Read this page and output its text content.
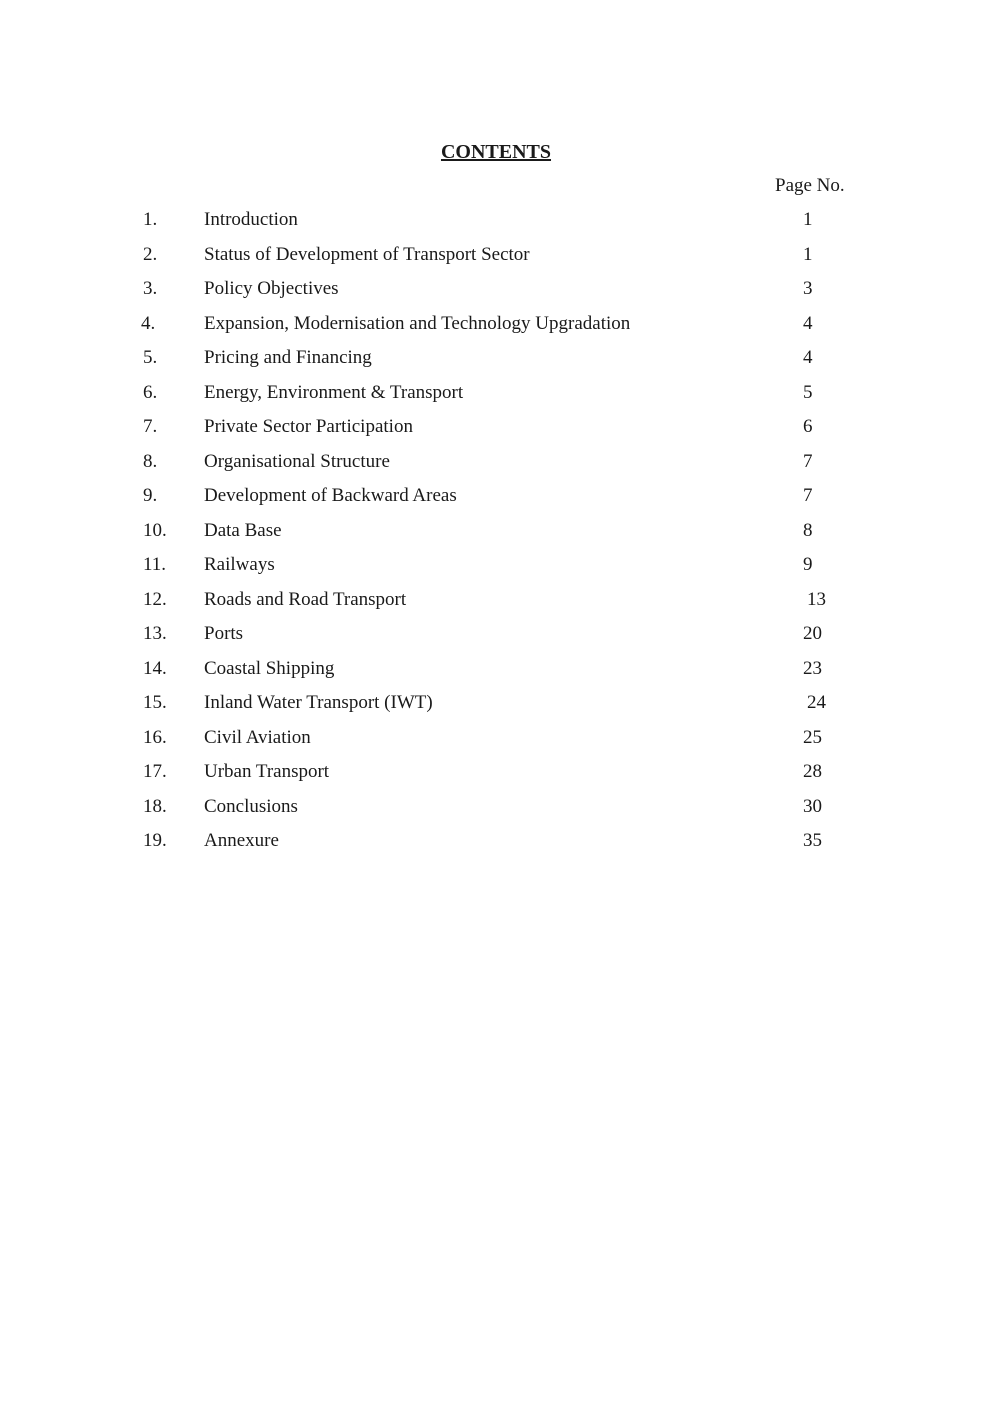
CONTENTS
Page No.
1. Introduction	1
2. Status of Development of Transport Sector	1
3. Policy Objectives	3
4.	Expansion, Modernisation and Technology Upgradation	4
5. Pricing and Financing	4
6. Energy, Environment & Transport	5
7. Private Sector Participation	6
8. Organisational Structure	7
9. Development of Backward Areas	7
10. Data Base	8
11. Railways	9
12. Roads and Road Transport	13
13. Ports	20
14. Coastal Shipping	23
15. Inland Water Transport (IWT)	24
16. Civil Aviation	25
17. Urban Transport	28
18. Conclusions	30
19. Annexure	35
